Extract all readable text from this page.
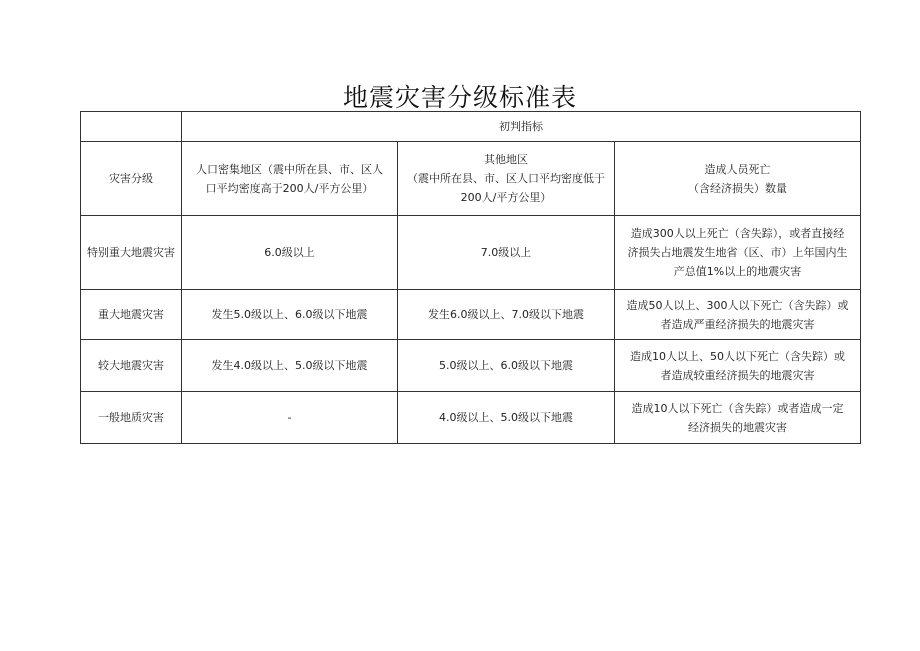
地震灾害分级标准表
	初判指标		
灾害分级	人口密集地区（震中所在县、市、区人
口平均密度高于200人/平方公里）	其他地区
（震中所在县、市、区人口平均密度低于
200人/平方公里）	造成人员死亡
（含经济损失）数量

特别重大地震灾害	6.0级以上	7.0级以上	造成300人以上死亡（含失踪），或者直接经
济损失占地震发生地省（区、市）上年国内生
产总值1%以上的地震灾害

重大地震灾害	发生5.0级以上、6.0级以下地震	发生6.0级以上、7.0级以下地震	造成50人以上、300人以下死亡（含失踪）或
者造成严重经济损失的地震灾害

较大地震灾害	发生4.0级以上、5.0级以下地震	5.0级以上、6.0级以下地震	造成10人以上、50人以下死亡（含失踪）或
者造成较重经济损失的地震灾害

一般地质灾害	-	4.0级以上、5.0级以下地震	造成10人以下死亡（含失踪）或者造成一定
经济损失的地震灾害
